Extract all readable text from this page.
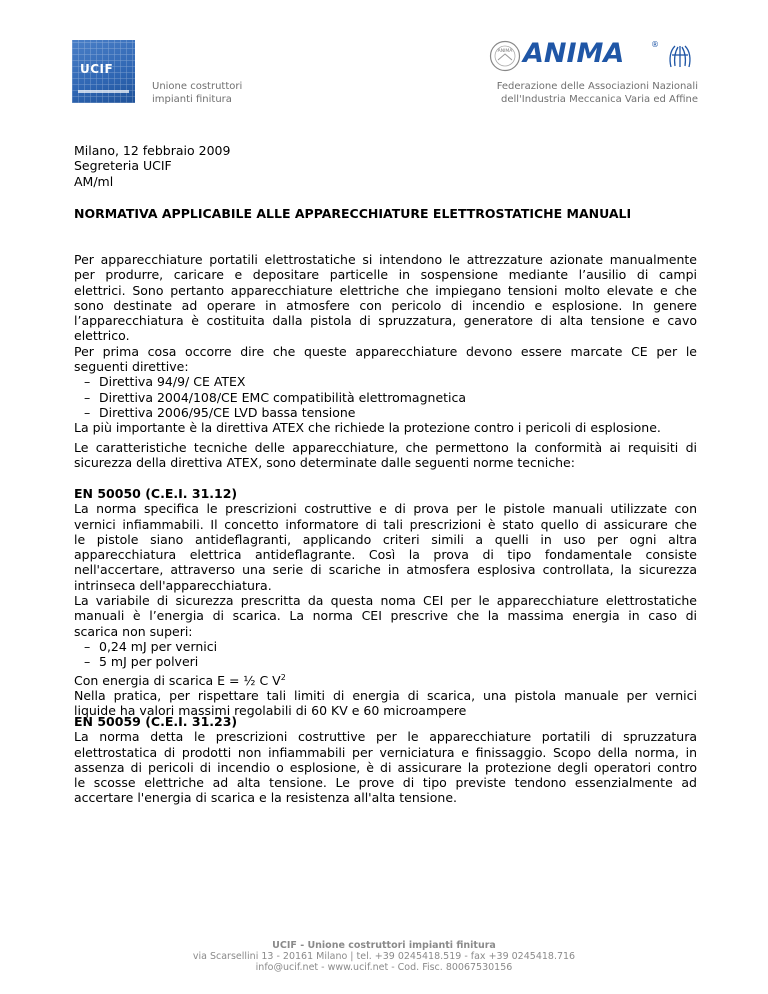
UCIF
Unione costruttori
impianti finitura
ANIMA ANIMA	®
Federazione delle Associazioni Nazionali
dell'Industria Meccanica Varia ed Affine
Milano, 12 febbraio 2009
Segreteria UCIF
AM/ml
NORMATIVA APPLICABILE ALLE APPARECCHIATURE ELETTROSTATICHE MANUALI
Per apparecchiature portatili elettrostatiche si intendono le attrezzature azionate manualmente
per produrre, caricare e depositare particelle in sospensione mediante l’ausilio di campi
elettrici. Sono pertanto apparecchiature elettriche che impiegano tensioni molto elevate e che
sono destinate ad operare in atmosfere con pericolo di incendio e esplosione. In genere
l’apparecchiatura è costituita dalla pistola di spruzzatura, generatore di alta tensione e cavo
elettrico.
Per prima cosa occorre dire che queste apparecchiature devono essere marcate CE per le
seguenti direttive:
– Direttiva 94/9/ CE ATEX
– Direttiva 2004/108/CE EMC compatibilità elettromagnetica
– Direttiva 2006/95/CE LVD bassa tensione
La più importante è la direttiva ATEX che richiede la protezione contro i pericoli di esplosione.
Le caratteristiche tecniche delle apparecchiature, che permettono la conformità ai requisiti di
sicurezza della direttiva ATEX, sono determinate dalle seguenti norme tecniche:
EN 50050 (C.E.I. 31.12)
La norma specifica le prescrizioni costruttive e di prova per le pistole manuali utilizzate con
vernici infiammabili. Il concetto informatore di tali prescrizioni è stato quello di assicurare che
le pistole siano antideflagranti, applicando criteri simili a quelli in uso per ogni altra
apparecchiatura elettrica antideflagrante. Così la prova di tipo fondamentale consiste
nell'accertare, attraverso una serie di scariche in atmosfera esplosiva controllata, la sicurezza
intrinseca dell'apparecchiatura.
La variabile di sicurezza prescritta da questa noma CEI per le apparecchiature elettrostatiche
manuali è l’energia di scarica. La norma CEI prescrive che la massima energia in caso di
scarica non superi:
– 0,24 mJ per vernici
– 5 mJ per polveri
Con energia di scarica E = ½ C $V^2$
Nella pratica, per rispettare tali limiti di energia di scarica, una pistola manuale per vernici
liquide ha valori massimi regolabili di 60 KV e 60 microampere
EN 50059 (C.E.I. 31.23)
La norma detta le prescrizioni costruttive per le apparecchiature portatili di spruzzatura
elettrostatica di prodotti non infiammabili per verniciatura e finissaggio. Scopo della norma, in
assenza di pericoli di incendio o esplosione, è di assicurare la protezione degli operatori contro
le scosse elettriche ad alta tensione. Le prove di tipo previste tendono essenzialmente ad
accertare l'energia di scarica e la resistenza all'alta tensione.
UCIF - Unione costruttori impianti finitura
via Scarsellini 13 - 20161 Milano | tel. +39 0245418.519 - fax +39 0245418.716
info@ucif.net - www.ucif.net - Cod. Fisc. 80067530156
